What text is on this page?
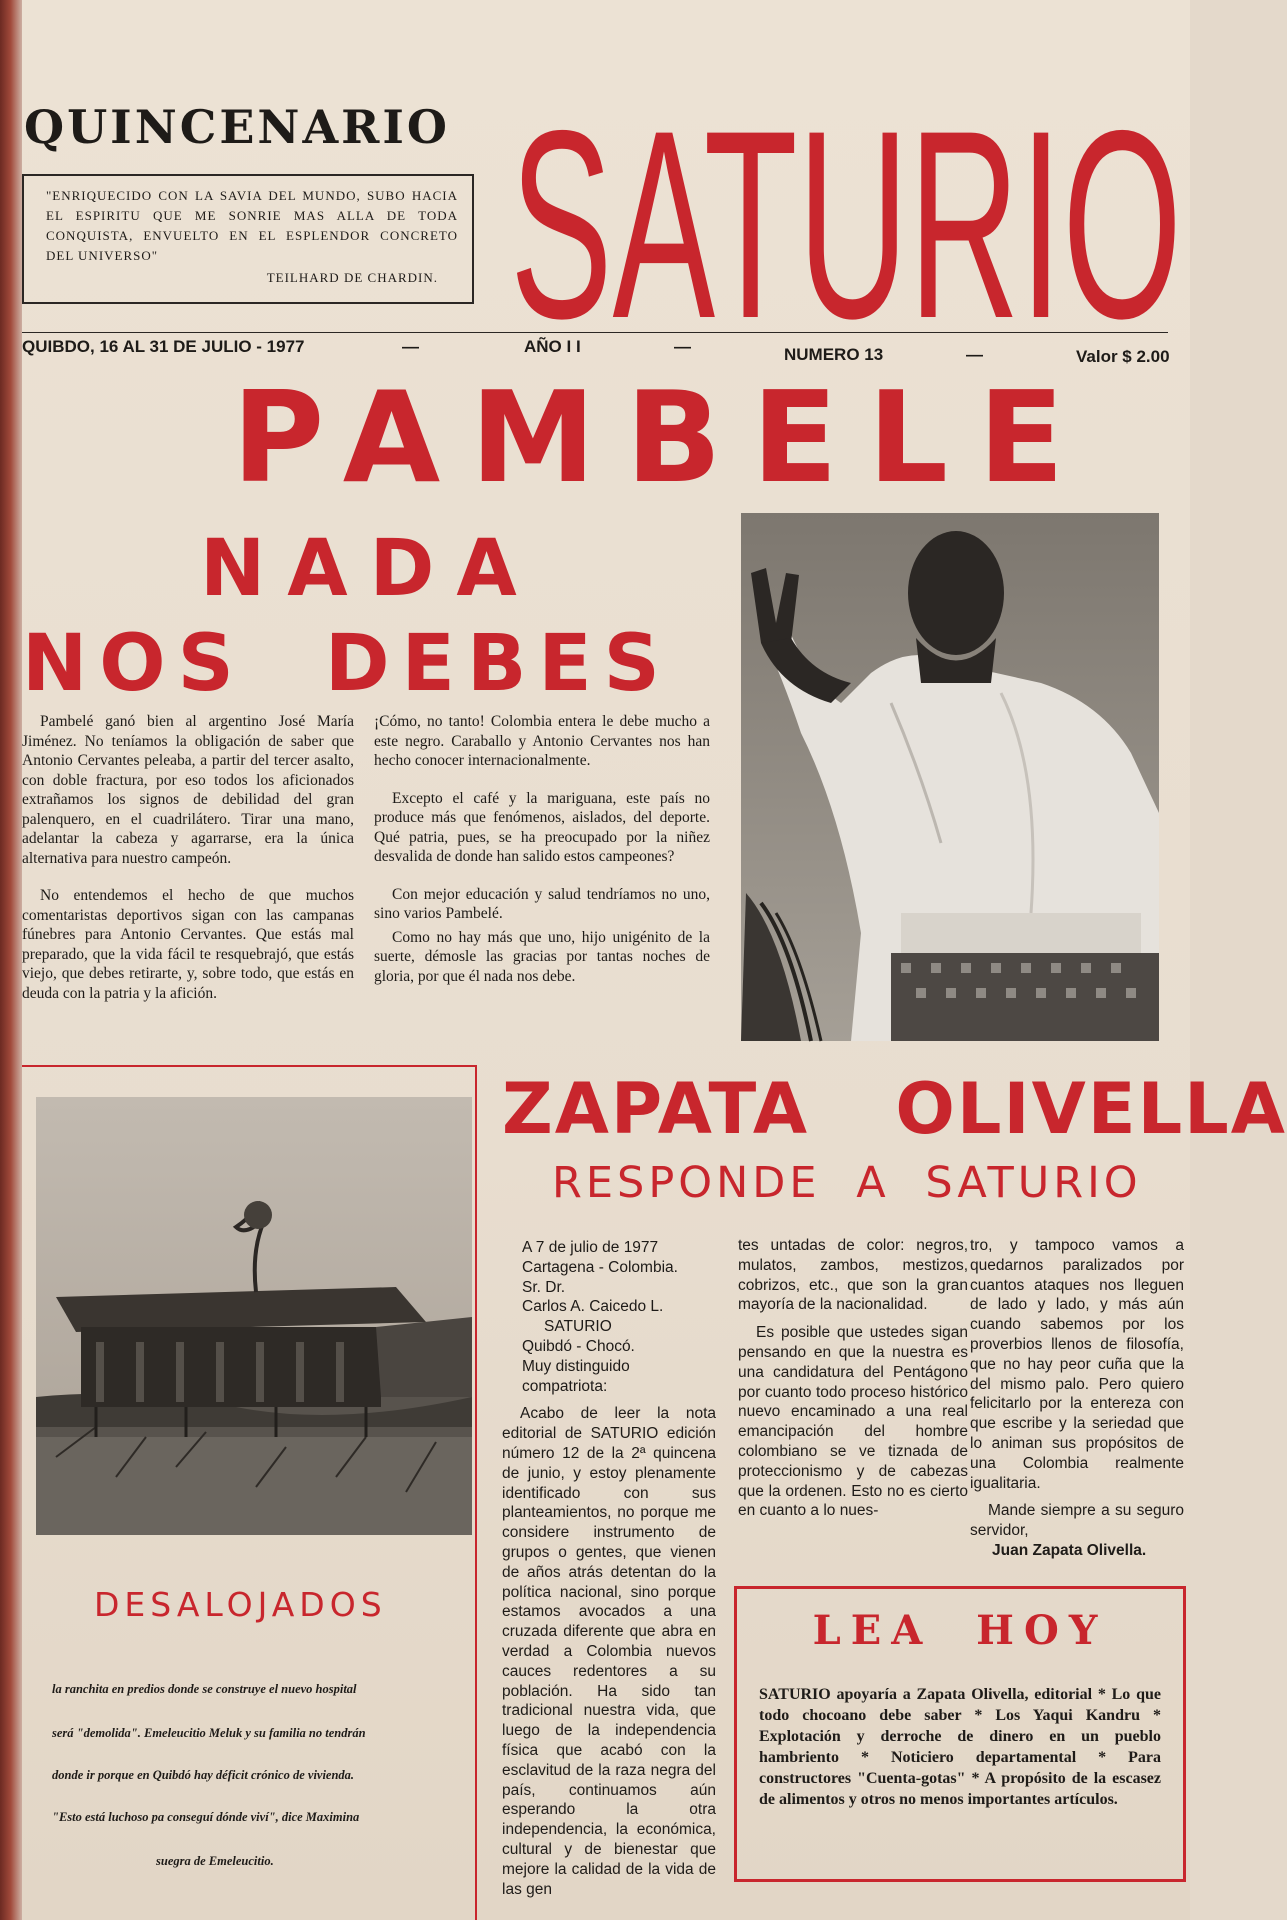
QUINCENARIO
"ENRIQUECIDO CON LA SAVIA DEL MUNDO, SUBO HACIA EL ESPIRITU QUE ME SONRIE MAS ALLA DE TODA CONQUISTA, ENVUELTO EN EL ESPLENDOR CONCRETO DEL UNIVERSO"
TEILHARD DE CHARDIN. SATURIO
QUIBDO, 16 AL 31 DE JULIO - 1977	—	AÑO I I	—	NUMERO 13	—	Valor $ 2.00
PAMBELE
NADA
NOS DEBES

Pambelé ganó bien al argentino José María Jiménez. No teníamos la obligación de saber que Antonio Cervantes peleaba, a partir del tercer asalto, con doble fractura, por eso todos los aficionados extrañamos los signos de debilidad del gran palenquero, en el cuadrilátero. Tirar una mano, adelantar la cabeza y agarrarse, era la única alternativa para nuestro campeón.

No entendemos el hecho de que muchos comentaristas deportivos sigan con las campanas fúnebres para Antonio Cervantes. Que estás mal preparado, que la vida fácil te resquebrajó, que estás viejo, que debes retirarte, y, sobre todo, que estás en deuda con la patria y la afición.

¡Cómo, no tanto! Colombia entera le debe mucho a este negro. Caraballo y Antonio Cervantes nos han hecho conocer internacionalmente.

Excepto el café y la mariguana, este país no produce más que fenómenos, aislados, del deporte. Qué patria, pues, se ha preocupado por la niñez desvalida de donde han salido estos campeones?

Con mejor educación y salud tendríamos no uno, sino varios Pambelé.

Como no hay más que uno, hijo unigénito de la suerte, démosle las gracias por tantas noches de gloria, por que él nada nos debe.

DESALOJADOS
la ranchita en predios donde se construye el nuevo hospital
será "demolida". Emeleucitio Meluk y su familia no tendrán
donde ir porque en Quibdó hay déficit crónico de vivienda.
"Esto está luchoso pa conseguí dónde viví", dice Maximina
suegra de Emeleucitio.
ZAPATA OLIVELLA
RESPONDE A SATURIO
A 7 de julio de 1977
Cartagena - Colombia.
Sr. Dr.
Carlos A. Caicedo L.
SATURIO
Quibdó - Chocó.
Muy distinguido compatriota:

Acabo de leer la nota editorial de SATURIO edición número 12 de la 2ª quincena de junio, y estoy plenamente identificado con sus planteamientos, no porque me considere instrumento de grupos o gentes, que vienen de años atrás detentan do la política nacional, sino porque estamos avocados a una cruzada diferente que abra en verdad a Colombia nuevos cauces redentores a su población. Ha sido tan tradicional nuestra vida, que luego de la independencia física que acabó con la esclavitud de la raza negra del país, continuamos aún esperando la otra independencia, la económica, cultural y de bienestar que mejore la calidad de la vida de las gen

tes untadas de color: negros, mulatos, zambos, mestizos, cobrizos, etc., que son la gran mayoría de la nacionalidad.

Es posible que ustedes sigan pensando en que la nuestra es una candidatura del Pentágono por cuanto todo proceso histórico nuevo encaminado a una real emancipación del hombre colombiano se ve tiznada de proteccionismo y de cabezas que la ordenen. Esto no es cierto en cuanto a lo nues-

tro, y tampoco vamos a quedarnos paralizados por cuantos ataques nos lleguen de lado y lado, y más aún cuando sabemos por los proverbios llenos de filosofía, que no hay peor cuña que la del mismo palo. Pero quiero felicitarlo por la entereza con que escribe y la seriedad que lo animan sus propósitos de una Colombia realmente igualitaria.

Mande siempre a su seguro servidor,

Juan Zapata Olivella.
LEA HOY
SATURIO apoyaría a Zapata Olivella, editorial * Lo que todo chocoano debe saber * Los Yaqui Kandru * Explotación y derroche de dinero en un pueblo hambriento * Noticiero departamental * Para constructores "Cuenta-gotas" * A propósito de la escasez de alimentos y otros no menos importantes artículos.
